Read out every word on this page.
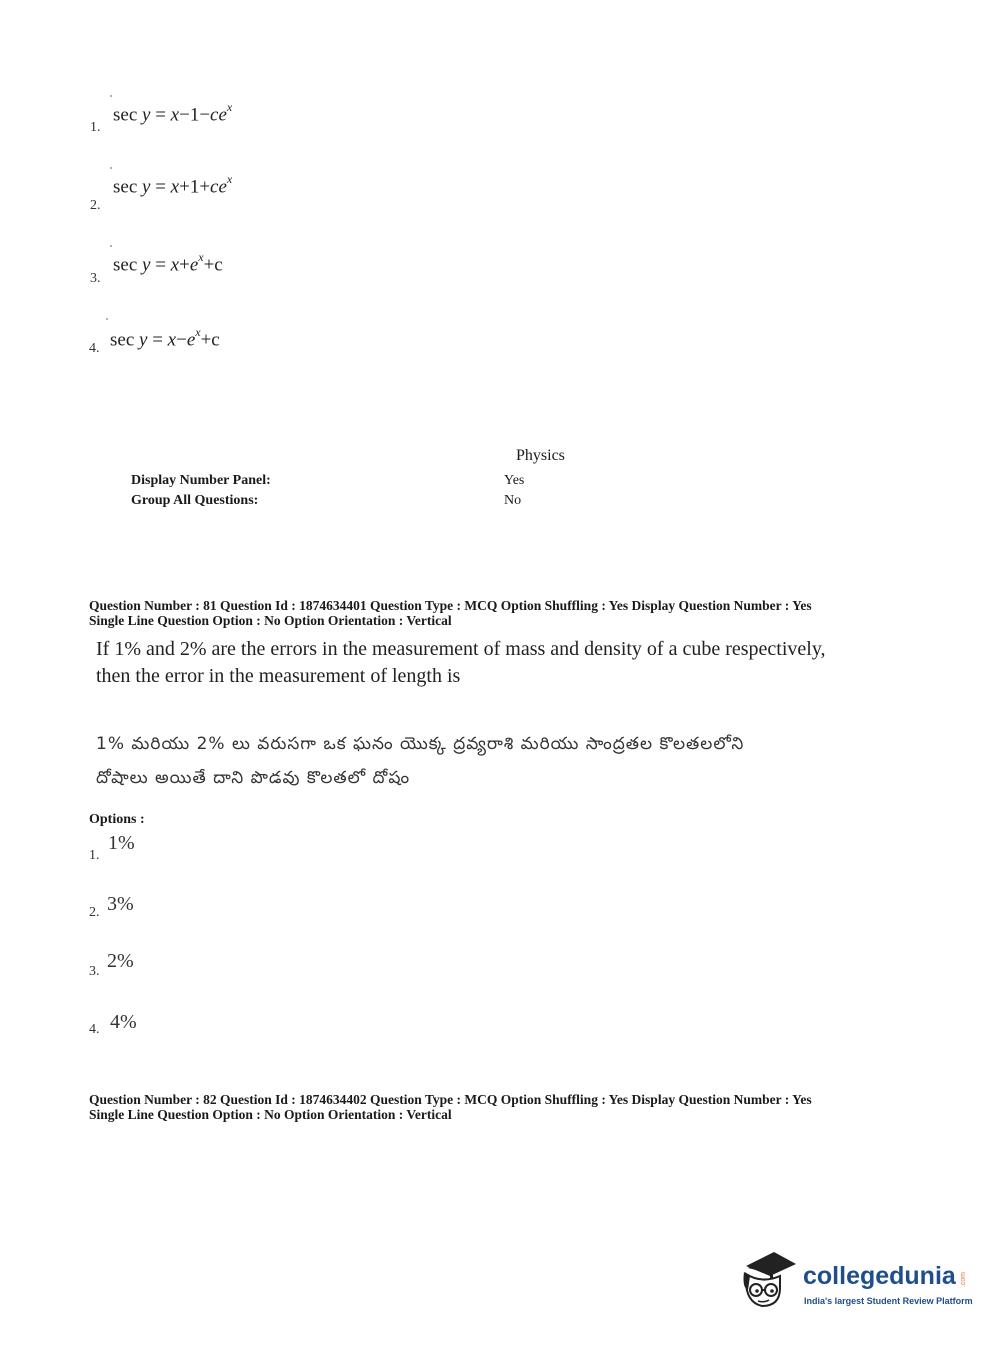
$\sec y = x-1-ce^x$
1.
$\sec y = x+1+ce^x$
2.
$\sec y = x+e^x+c$
3.
$\sec y = x-e^x+c$
4.
Physics
Display Number Panel:	Yes
Group All Questions:	No
Question Number : 81 Question Id : 1874634401 Question Type : MCQ Option Shuffling : Yes Display Question Number : Yes
Single Line Question Option : No Option Orientation : Vertical
If 1% and 2% are the errors in the measurement of mass and density of a cube respectively,
then the error in the measurement of length is
1% మరియు 2% లు వరుసగా ఒక ఘనం యొక్క ద్రవ్యరాశి మరియు సాంద్రతల కొలతలలోని
దోషాలు అయితే దాని పొడవు కొలతలో దోషం
Options :
1.
1%
2. 3%
3. 2%
4. 4%
Question Number : 82 Question Id : 1874634402 Question Type : MCQ Option Shuffling : Yes Display Question Number : Yes
Single Line Question Option : No Option Orientation : Vertical
collegedunia .com
India's largest Student Review Platform
